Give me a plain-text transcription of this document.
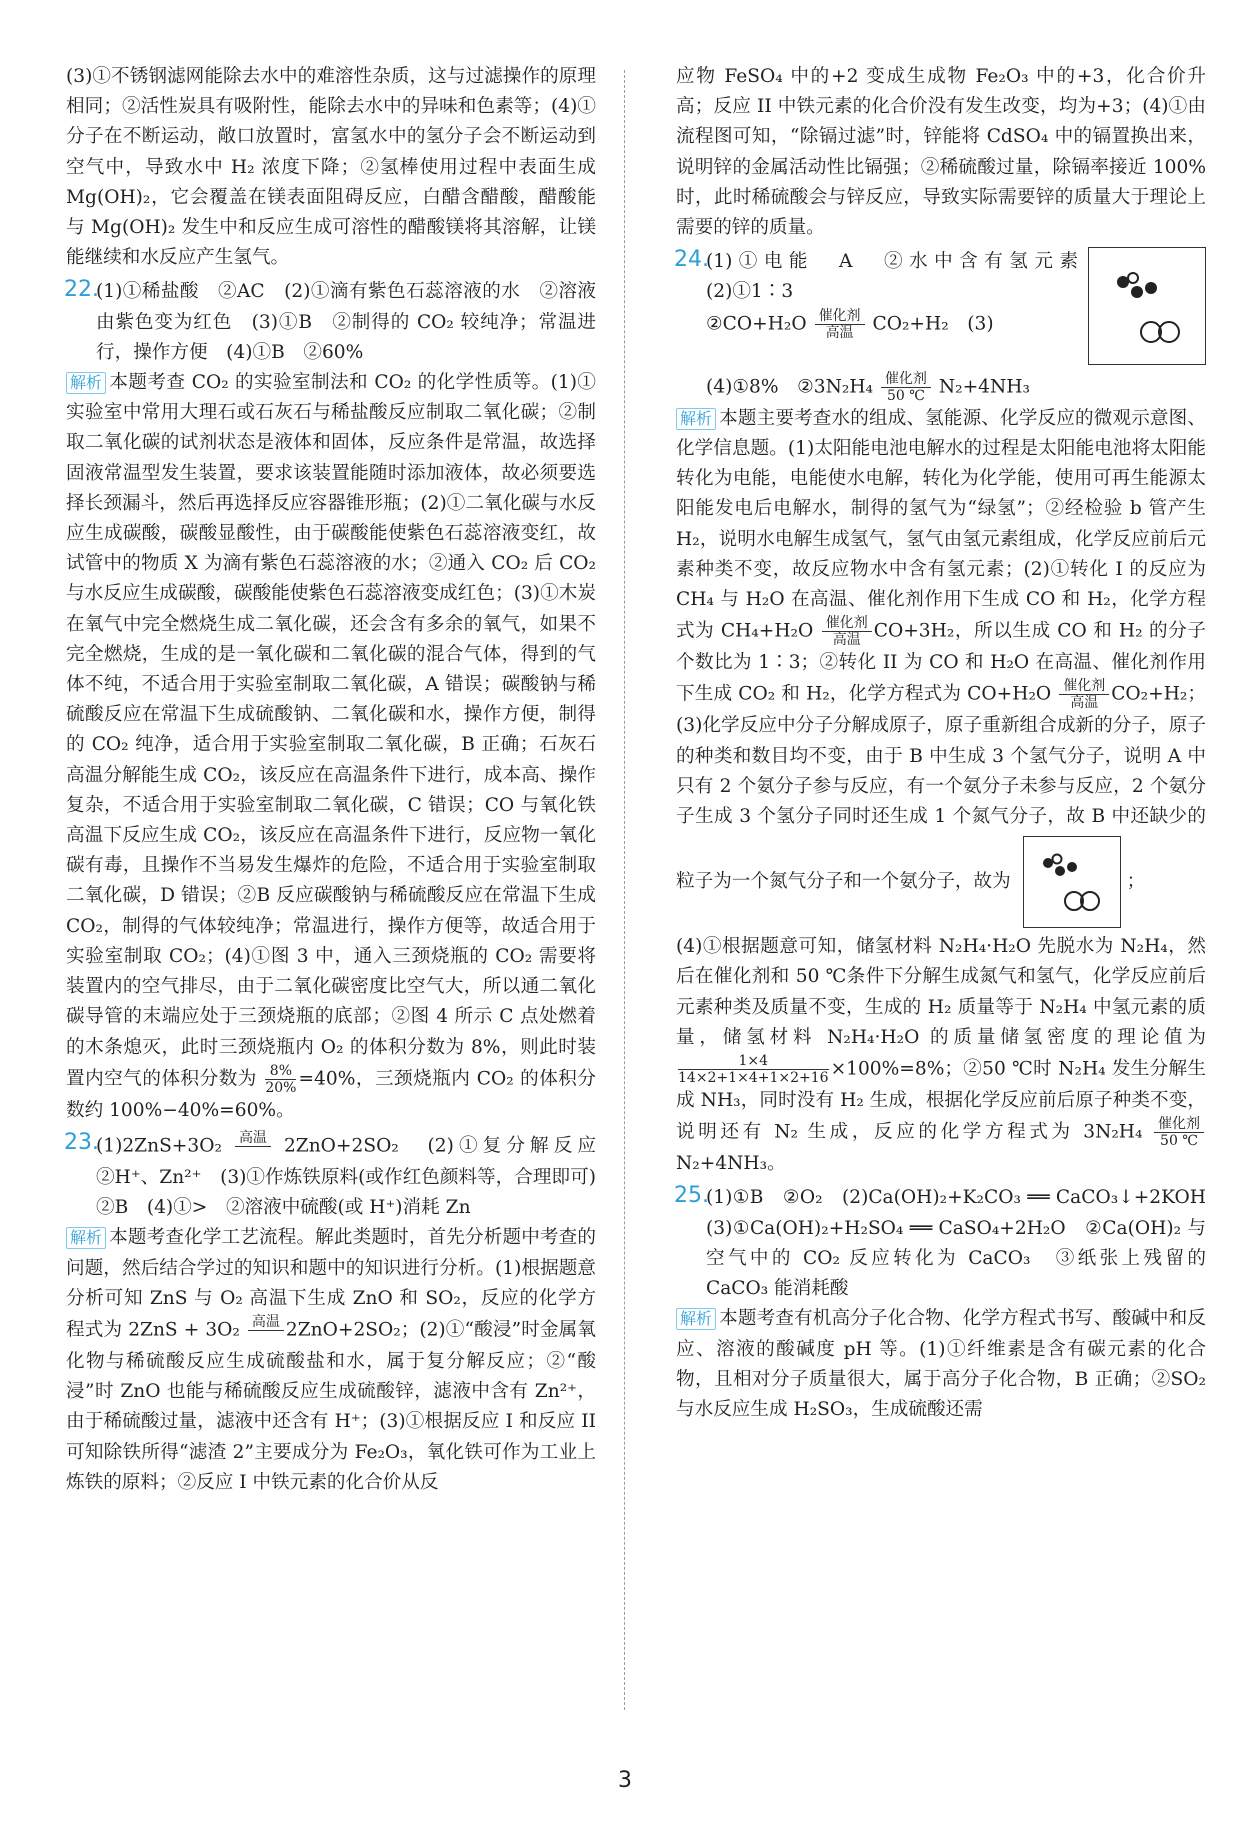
(3)①不锈钢滤网能除去水中的难溶性杂质，这与过滤操作的原理相同；②活性炭具有吸附性，能除去水中的异味和色素等；(4)①分子在不断运动，敞口放置时，富氢水中的氢分子会不断运动到空气中，导致水中 H₂ 浓度下降；②氢棒使用过程中表面生成 Mg(OH)₂，它会覆盖在镁表面阻碍反应，白醋含醋酸，醋酸能与 Mg(OH)₂ 发生中和反应生成可溶性的醋酸镁将其溶解，让镁能继续和水反应产生氢气。

22.
(1)①稀盐酸　②AC　(2)①滴有紫色石蕊溶液的水　②溶液由紫色变为红色　(3)①B　②制得的 CO₂ 较纯净；常温进行，操作方便　(4)①B　②60%

解析 本题考查 CO₂ 的实验室制法和 CO₂ 的化学性质等。(1)①实验室中常用大理石或石灰石与稀盐酸反应制取二氧化碳；②制取二氧化碳的试剂状态是液体和固体，反应条件是常温，故选择固液常温型发生装置，要求该装置能随时添加液体，故必须要选择长颈漏斗，然后再选择反应容器锥形瓶；(2)①二氧化碳与水反应生成碳酸，碳酸显酸性，由于碳酸能使紫色石蕊溶液变红，故试管中的物质 X 为滴有紫色石蕊溶液的水；②通入 CO₂ 后 CO₂ 与水反应生成碳酸，碳酸能使紫色石蕊溶液变成红色；(3)①木炭在氧气中完全燃烧生成二氧化碳，还会含有多余的氧气，如果不完全燃烧，生成的是一氧化碳和二氧化碳的混合气体，得到的气体不纯，不适合用于实验室制取二氧化碳，A 错误；碳酸钠与稀硫酸反应在常温下生成硫酸钠、二氧化碳和水，操作方便，制得的 CO₂ 纯净，适合用于实验室制取二氧化碳，B 正确；石灰石高温分解能生成 CO₂，该反应在高温条件下进行，成本高、操作复杂，不适合用于实验室制取二氧化碳，C 错误；CO 与氧化铁高温下反应生成 CO₂，该反应在高温条件下进行，反应物一氧化碳有毒，且操作不当易发生爆炸的危险，不适合用于实验室制取二氧化碳，D 错误；②B 反应碳酸钠与稀硫酸反应在常温下生成 CO₂，制得的气体较纯净；常温进行，操作方便等，故适合用于实验室制取 CO₂；(4)①图 3 中，通入三颈烧瓶的 CO₂ 需要将装置内的空气排尽，由于二氧化碳密度比空气大，所以通二氧化碳导管的末端应处于三颈烧瓶的底部；②图 4 所示 C 点处燃着的木条熄灭，此时三颈烧瓶内 O₂ 的体积分数为 8%，则此时装置内空气的体积分数为 $\frac{8\%}{20\%} =40\%$，三颈烧瓶内 CO₂ 的体积分数约 100%−40%=60%。

23.
(1)2ZnS+3O₂ 高温
2ZnO+2SO₂　(2)①复分解反应　②H⁺、Zn²⁺　(3)①作炼铁原料(或作红色颜料等，合理即可)　②B　(4)①>　②溶液中硫酸(或 H⁺)消耗 Zn

解析 本题考查化学工艺流程。解此类题时，首先分析题中考查的问题，然后结合学过的知识和题中的知识进行分析。(1)根据题意分析可知 ZnS 与 O₂ 高温下生成 ZnO 和 SO₂，反应的化学方程式为 2ZnS + 3O₂ 高温
2ZnO+2SO₂；(2)①“酸浸”时金属氧化物与稀硫酸反应生成硫酸盐和水，属于复分解反应；②“酸浸”时 ZnO 也能与稀硫酸反应生成硫酸锌，滤液中含有 Zn²⁺，由于稀硫酸过量，滤液中还含有 H⁺；(3)①根据反应 I 和反应 II 可知除铁所得“滤渣 2”主要成分为 Fe₂O₃，氧化铁可作为工业上炼铁的原料；②反应 I 中铁元素的化合价从反

应物 FeSO₄ 中的+2 变成生成物 Fe₂O₃ 中的+3，化合价升高；反应 II 中铁元素的化合价没有发生改变，均为+3；(4)①由流程图可知，“除镉过滤”时，锌能将 CdSO₄ 中的镉置换出来，说明锌的金属活动性比镉强；②稀硫酸过量，除镉率接近 100%时，此时稀硫酸会与锌反应，导致实际需要锌的质量大于理论上需要的锌的质量。

24.
(1)①电能　A　②水中含有氢元素　(2)①1∶3
②CO+H₂O 催化剂
高温	CO₂+H₂　(3)

(4)①8%　②3N₂H₄ 催化剂
50 ℃ N₂+4NH₃

解析 本题主要考查水的组成、氢能源、化学反应的微观示意图、化学信息题。(1)太阳能电池电解水的过程是太阳能电池将太阳能转化为电能，电能使水电解，转化为化学能，使用可再生能源太阳能发电后电解水，制得的氢气为“绿氢”；②经检验 b 管产生 H₂，说明水电解生成氢气，氢气由氢元素组成，化学反应前后元素种类不变，故反应物水中含有氢元素；(2)①转化 I 的反应为 CH₄ 与 H₂O 在高温、催化剂作用下生成 CO 和 H₂，化学方程式为 CH₄+H₂O 催化剂
高温 CO+3H₂，所以生成 CO 和 H₂ 的分子个数比为 1∶3；②转化 II 为 CO 和 H₂O 在高温、催化剂作用下生成 CO₂ 和 H₂，化学方程式为 CO+H₂O 催化剂
高温 CO₂+H₂；(3)化学反应中分子分解成原子，原子重新组合成新的分子，原子的种类和数目均不变，由于 B 中生成 3 个氢气分子，说明 A 中只有 2 个氨分子参与反应，有一个氨分子未参与反应，2 个氨分子生成 3 个氢分子同时还生成 1 个氮气分子，故 B 中还缺少的粒子为一个氮气分子和一个氨分子，故为	；
(4)①根据题意可知，储氢材料 N₂H₄·H₂O 先脱水为 N₂H₄，然后在催化剂和 50 ℃条件下分解生成氮气和氢气，化学反应前后元素种类及质量不变，生成的 H₂ 质量等于 N₂H₄ 中氢元素的质量，储氢材料 N₂H₄·H₂O 的质量储氢密度的理论值为
$\frac{1\times 4}{14\times 2+1\times 4+1\times 2+16} \times 100\%=8\%$；②50 ℃时 N₂H₄ 发生分解生成 NH₃，同时没有 H₂ 生成，根据化学反应前后原子种类不变，说明还有 N₂ 生成，反应的化学方程式为 3N₂H₄ 催化剂
50 ℃
N₂+4NH₃。

25.
(1)①B　②O₂　(2)Ca(OH)₂+K₂CO₃ ══ CaCO₃↓+2KOH　(3)①Ca(OH)₂+H₂SO₄ ══ CaSO₄+2H₂O　②Ca(OH)₂ 与空气中的 CO₂ 反应转化为 CaCO₃　③纸张上残留的 CaCO₃ 能消耗酸

解析 本题考查有机高分子化合物、化学方程式书写、酸碱中和反应、溶液的酸碱度 pH 等。(1)①纤维素是含有碳元素的化合物，且相对分子质量很大，属于高分子化合物，B 正确；②SO₂ 与水反应生成 H₂SO₃，生成硫酸还需

3
